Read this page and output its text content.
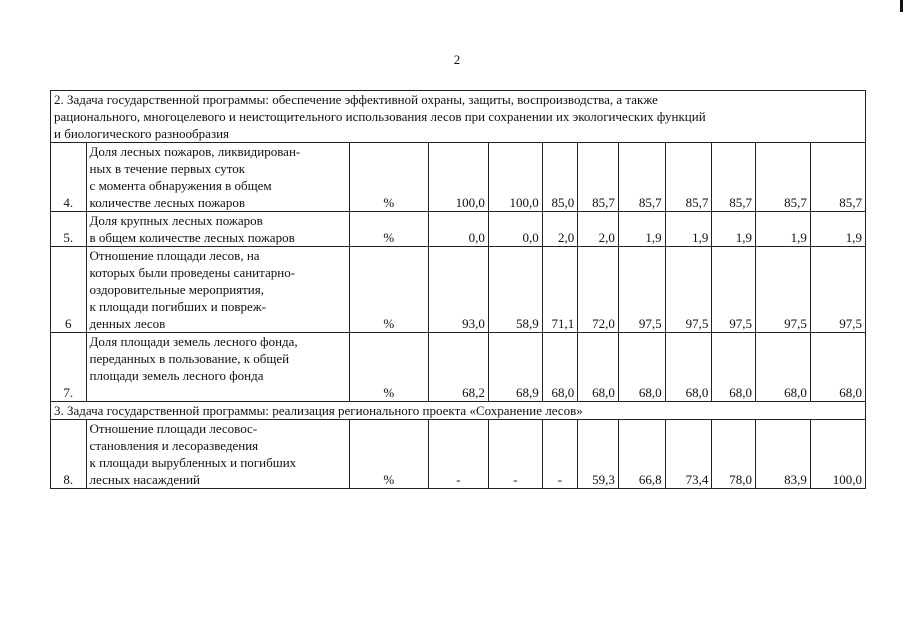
2
2. Задача государственной программы: обеспечение эффективной охраны, защиты, воспроизводства, а также
рационального, многоцелевого и неистощительного использования лесов при сохранении их экологических функций
и биологического разнообразия											

4.	Доля лесных пожаров, ликвидирован-
ных в течение первых суток
с момента обнаружения в общем
количестве лесных пожаров	%	100,0	100,0	85,0	85,7	85,7	85,7	85,7	85,7	85,7
5.	Доля крупных лесных пожаров
в общем количестве лесных пожаров	%	0,0	0,0	2,0	2,0	1,9	1,9	1,9	1,9	1,9
6	Отношение площади лесов, на
которых были проведены санитарно-
оздоровительные мероприятия,
к площади погибших и повреж-
денных лесов	%	93,0	58,9	71,1	72,0	97,5	97,5	97,5	97,5	97,5
7.	Доля площади земель лесного фонда,
переданных в пользование, к общей
площади земель лесного фонда	%	68,2	68,9	68,0	68,0	68,0	68,0	68,0	68,0	68,0

3. Задача государственной программы: реализация регионального проекта «Сохранение лесов»											

8.	Отношение площади лесовос-
становления и лесоразведения
к площади вырубленных и погибших
лесных насаждений	%	-	-	-	59,3	66,8	73,4	78,0	83,9	100,0
